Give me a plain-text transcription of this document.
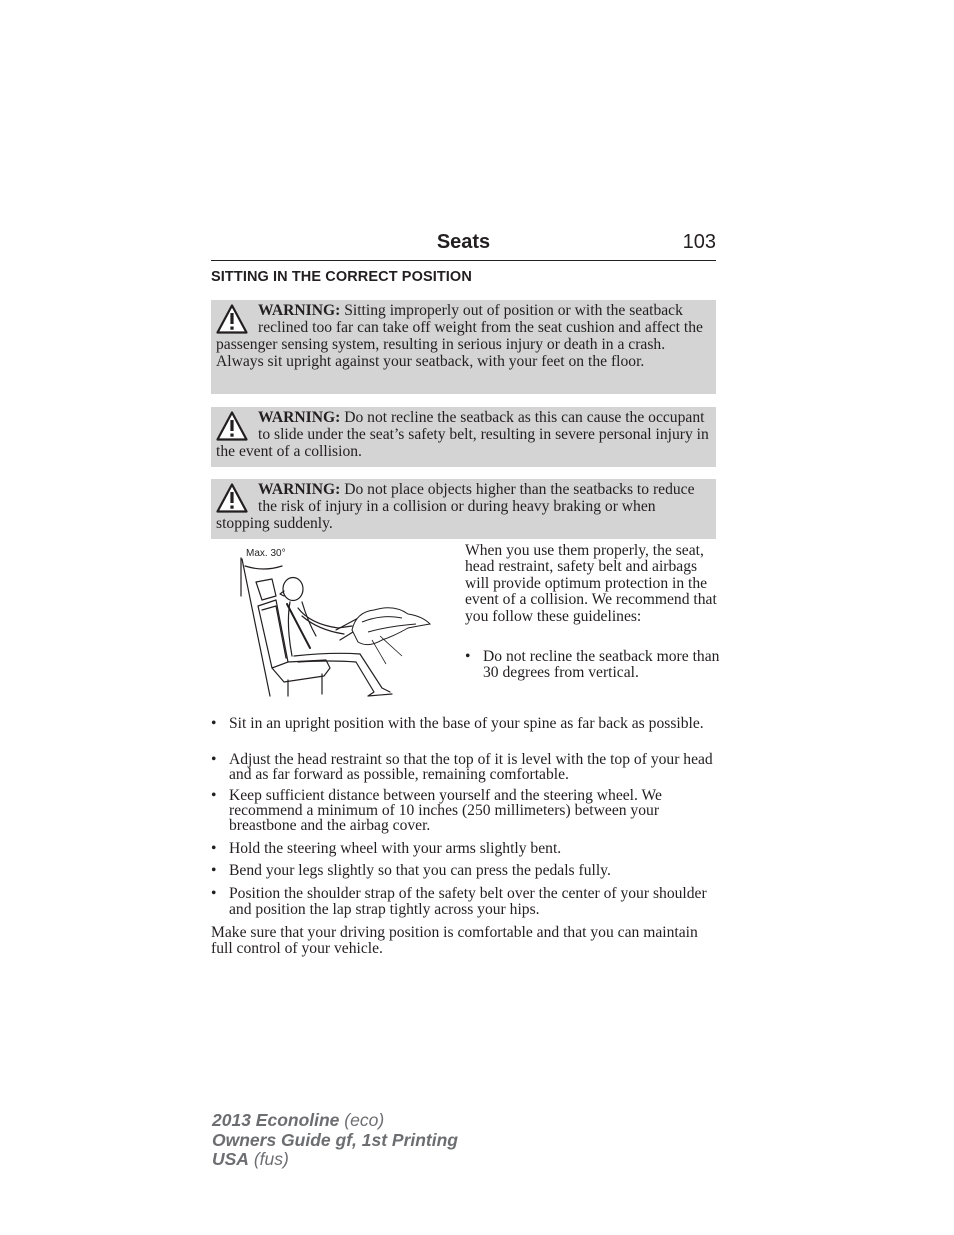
Seats	103
SITTING IN THE CORRECT POSITION
WARNING: Sitting improperly out of position or with the seatback reclined too far can take off weight from the seat cushion and affect the passenger sensing system, resulting in serious injury or death in a crash. Always sit upright against your seatback, with your feet on the floor.
WARNING: Do not recline the seatback as this can cause the occupant to slide under the seat’s safety belt, resulting in severe personal injury in the event of a collision.
WARNING: Do not place objects higher than the seatbacks to reduce the risk of injury in a collision or during heavy braking or when stopping suddenly.
Max. 30°	When you use them properly, the seat, head restraint, safety belt and airbags will provide optimum protection in the event of a collision. We recommend that you follow these guidelines:
• Do not recline the seatback more than 30 degrees from vertical.
• Sit in an upright position with the base of your spine as far back as possible.
• Adjust the head restraint so that the top of it is level with the top of your head and as far forward as possible, remaining comfortable.
• Keep sufficient distance between yourself and the steering wheel. We recommend a minimum of 10 inches (250 millimeters) between your breastbone and the airbag cover.
• Hold the steering wheel with your arms slightly bent.
• Bend your legs slightly so that you can press the pedals fully.
• Position the shoulder strap of the safety belt over the center of your shoulder and position the lap strap tightly across your hips.
Make sure that your driving position is comfortable and that you can maintain full control of your vehicle.
2013 Econoline (eco)
Owners Guide gf, 1st Printing
USA (fus)
